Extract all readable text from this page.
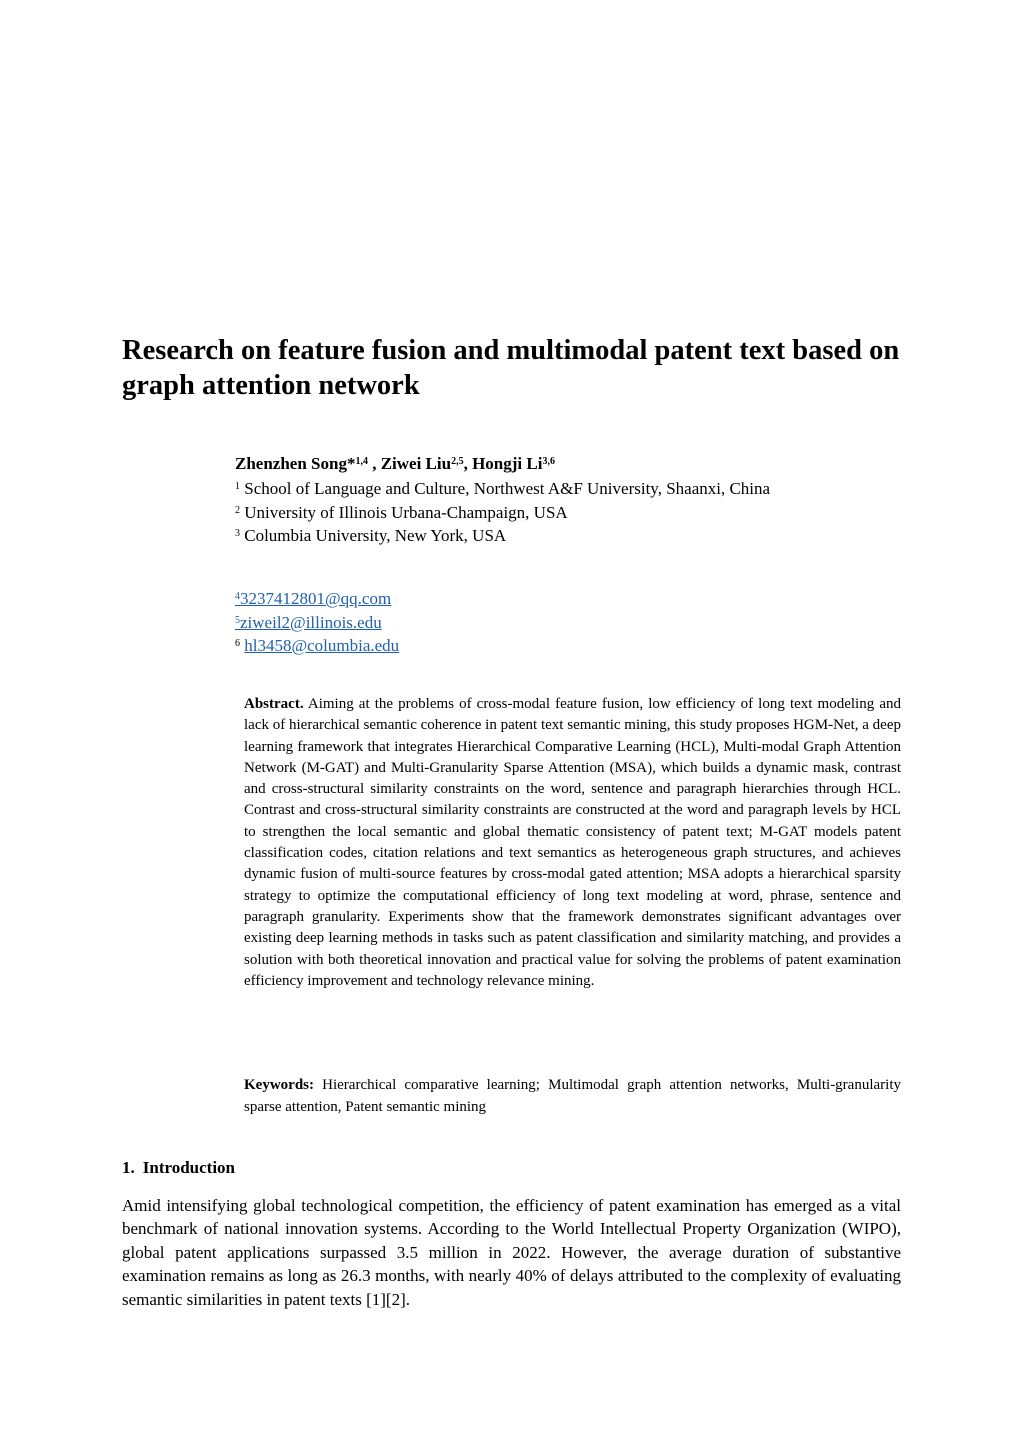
Research on feature fusion and multimodal patent text based on graph attention network
Zhenzhen Song*$^{1,4}$ , Ziwei Liu$^{2,5}$, Hongji Li$^{3,6}$
$^1$ School of Language and Culture, Northwest A&F University, Shaanxi, China
$^2$ University of Illinois Urbana-Champaign, USA
$^3$ Columbia University, New York, USA
$^4$3237412801@qq.com
$^5$ziweil2@illinois.edu
$^6$ hl3458@columbia.edu

Abstract. Aiming at the problems of cross-modal feature fusion, low efficiency of long text modeling and lack of hierarchical semantic coherence in patent text semantic mining, this study proposes HGM-Net, a deep learning framework that integrates Hierarchical Comparative Learning (HCL), Multi-modal Graph Attention Network (M-GAT) and Multi-Granularity Sparse Attention (MSA), which builds a dynamic mask, contrast and cross-structural similarity constraints on the word, sentence and paragraph hierarchies through HCL. Contrast and cross-structural similarity constraints are constructed at the word and paragraph levels by HCL to strengthen the local semantic and global thematic consistency of patent text; M-GAT models patent classification codes, citation relations and text semantics as heterogeneous graph structures, and achieves dynamic fusion of multi-source features by cross-modal gated attention; MSA adopts a hierarchical sparsity strategy to optimize the computational efficiency of long text modeling at word, phrase, sentence and paragraph granularity. Experiments show that the framework demonstrates significant advantages over existing deep learning methods in tasks such as patent classification and similarity matching, and provides a solution with both theoretical innovation and practical value for solving the problems of patent examination efficiency improvement and technology relevance mining.

Keywords: Hierarchical comparative learning; Multimodal graph attention networks, Multi-granularity sparse attention, Patent semantic mining

1. Introduction

Amid intensifying global technological competition, the efficiency of patent examination has emerged as a vital benchmark of national innovation systems. According to the World Intellectual Property Organization (WIPO), global patent applications surpassed 3.5 million in 2022. However, the average duration of substantive examination remains as long as 26.3 months, with nearly 40% of delays attributed to the complexity of evaluating semantic similarities in patent texts [1][2].
